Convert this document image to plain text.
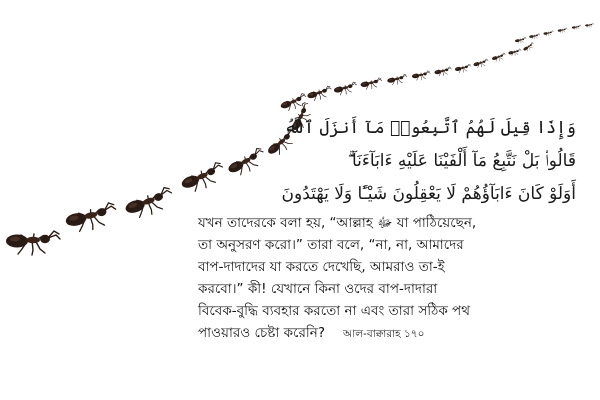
وَإِذَا قِيلَ لَهُمُ ٱتَّبِعُوا۟ مَآ أَنزَلَ ٱللَّهُ
قَالُوا۟ بَلْ نَتَّبِعُ مَآ أَلْفَيْنَا عَلَيْهِ ءَابَآءَنَآ ۗ
أَوَلَوْ كَانَ ءَابَآؤُهُمْ لَا يَعْقِلُونَ شَيْـًٔا وَلَا يَهْتَدُونَ
যখন তাদেরকে বলা হয়, “আল্লাহ ﷻ যা পাঠিয়েছেন,
তা অনুসরণ করো।” তারা বলে, “না, না, আমাদের
বাপ-দাদাদের যা করতে দেখেছি, আমরাও তা-ই
করবো।” কী! যেখানে কিনা ওদের বাপ-দাদারা
বিবেক-বুদ্ধি ব্যবহার করতো না এবং তারা সঠিক পথ
পাওয়ারও চেষ্টা করেনি? আল-বাক্বারাহ ১৭০
